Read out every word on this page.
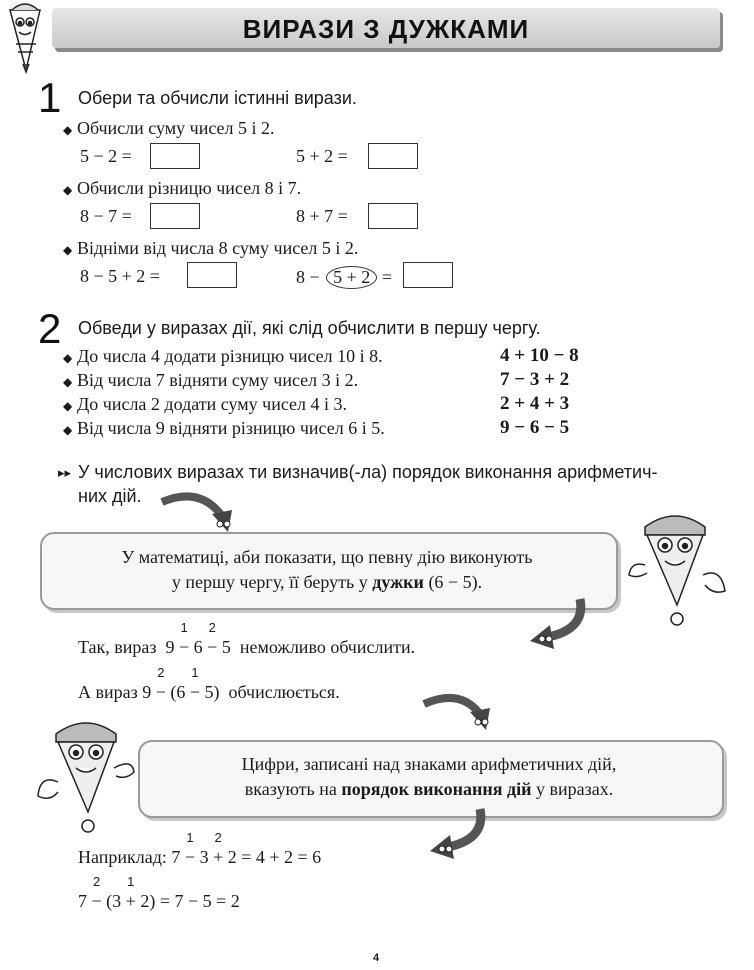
ВИРАЗИ З ДУЖКАМИ
1 Обери та обчисли істинні вирази.
◆ Обчисли суму чисел 5 і 2.
5 − 2 =	5 + 2 =
◆ Обчисли різницю чисел 8 і 7.
8 − 7 =	8 + 7 =
◆ Відніми від числа 8 суму чисел 5 і 2.
8 − 5 + 2 =	8 − 5 + 2 =
2 Обведи у виразах дії, які слід обчислити в першу чергу.
◆ До числа 4 додати різницю чисел 10 і 8.	4 + 10 − 8
◆ Від числа 7 відняти суму чисел 3 і 2.	7 − 3 + 2
◆ До числа 2 додати суму чисел 4 і 3.	2 + 4 + 3
◆ Від числа 9 відняти різницю чисел 6 і 5.	9 − 6 − 5
▸▸ У числових виразах ти визначив(-ла) порядок виконання арифметич-
них дій.
У математиці, аби показати, що певну дію виконують
у першу чергу, її беруть у дужки (6 − 5).
Так, вираз 9 −
1
6 −
2
5 неможливо обчислити.
А вираз 9 −
2
(6 −
1
5) обчислюється.
Цифри, записані над знаками арифметичних дій,
вказують на порядок виконання дій у виразах.
Наприклад: 7 −
1
3 +
2
2 = 4 + 2 = 6
7 −
2
(3 +
1
2) = 7 − 5 = 2
4
